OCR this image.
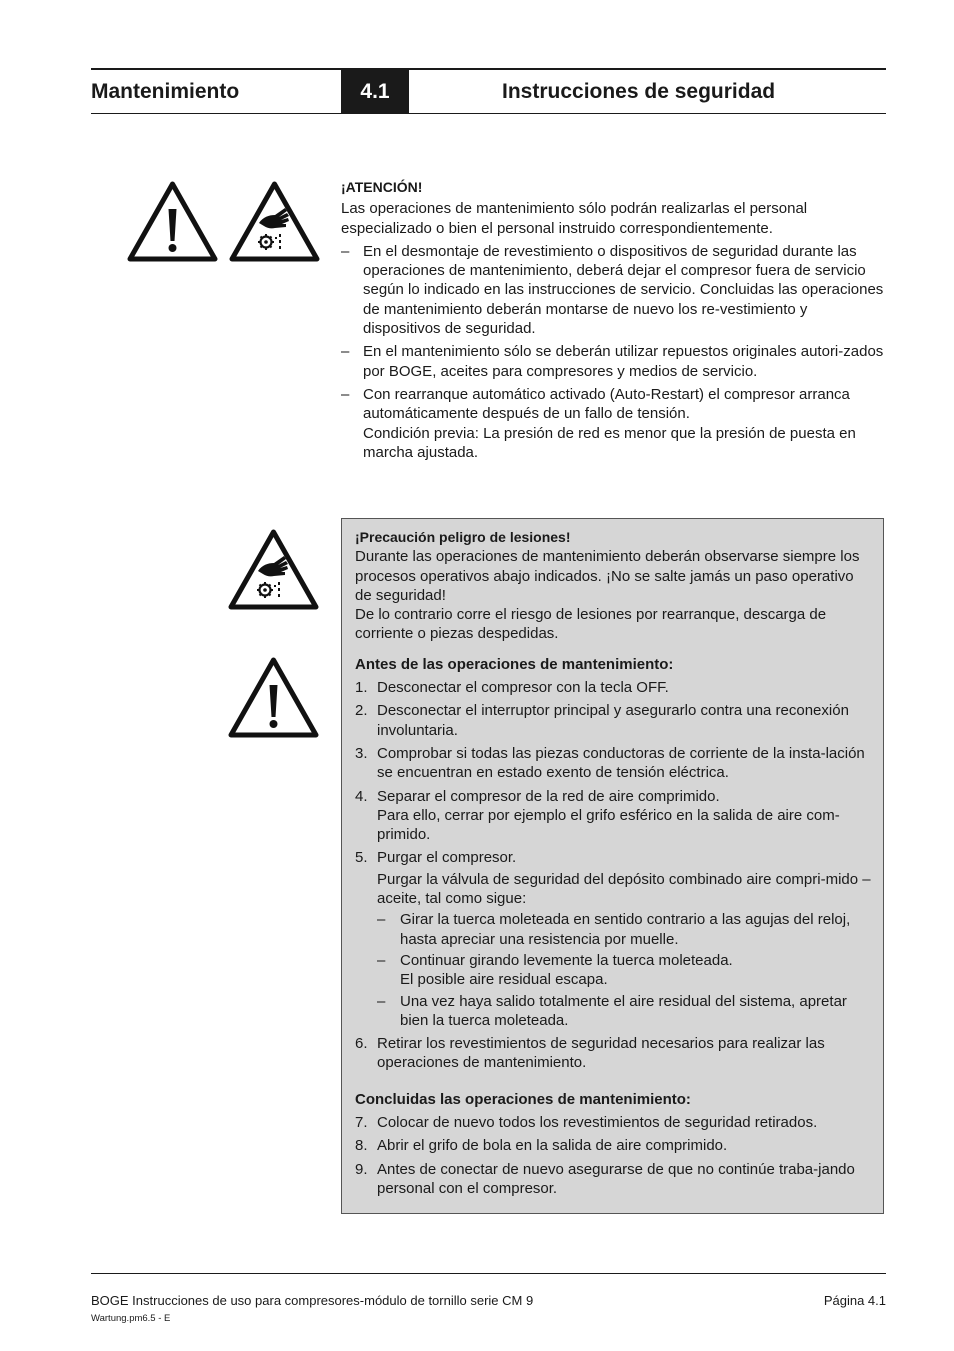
Mantenimiento	4.1	Instrucciones de seguridad
¡ATENCIÓN!
Las operaciones de mantenimiento sólo podrán realizarlas el personal especializado o bien el personal instruido correspondientemente.
– En el desmontaje de revestimiento o dispositivos de seguridad durante las operaciones de mantenimiento, deberá dejar el compresor fuera de servicio según lo indicado en las instrucciones de servicio. Concluidas las operaciones de mantenimiento deberán montarse de nuevo los re-vestimiento y dispositivos de seguridad.
– En el mantenimiento sólo se deberán utilizar repuestos originales autori-zados por BOGE, aceites para compresores y medios de servicio.
– Con rearranque automático activado (Auto-Restart) el compresor arranca automáticamente después de un fallo de tensión.
Condición previa: La presión de red es menor que la presión de puesta en marcha ajustada.
¡Precaución peligro de lesiones!
Durante las operaciones de mantenimiento deberán observarse siempre los procesos operativos abajo indicados. ¡No se salte jamás un paso operativo de seguridad!
De lo contrario corre el riesgo de lesiones por rearranque, descarga de corriente o piezas despedidas.
Antes de las operaciones de mantenimiento:
1. Desconectar el compresor con la tecla OFF.
2. Desconectar el interruptor principal y asegurarlo contra una reconexión involuntaria.
3. Comprobar si todas las piezas conductoras de corriente de la insta-lación se encuentran en estado exento de tensión eléctrica.
4. Separar el compresor de la red de aire comprimido.
Para ello, cerrar por ejemplo el grifo esférico en la salida de aire com-primido.
5. Purgar el compresor.
Purgar la válvula de seguridad del depósito combinado aire compri-mido – aceite, tal como sigue:
– Girar la tuerca moleteada en sentido contrario a las agujas del reloj, hasta apreciar una resistencia por muelle.
– Continuar girando levemente la tuerca moleteada.
El posible aire residual escapa.
– Una vez haya salido totalmente el aire residual del sistema, apretar bien la tuerca moleteada.
6. Retirar los revestimientos de seguridad necesarios para realizar las operaciones de mantenimiento.
Concluidas las operaciones de mantenimiento:
7. Colocar de nuevo todos los revestimientos de seguridad retirados.
8. Abrir el grifo de bola en la salida de aire comprimido.
9. Antes de conectar de nuevo asegurarse de que no continúe traba-jando personal con el compresor.
BOGE Instrucciones de uso para compresores-módulo de tornillo serie CM 9	Página 4.1
Wartung.pm6.5 - E
